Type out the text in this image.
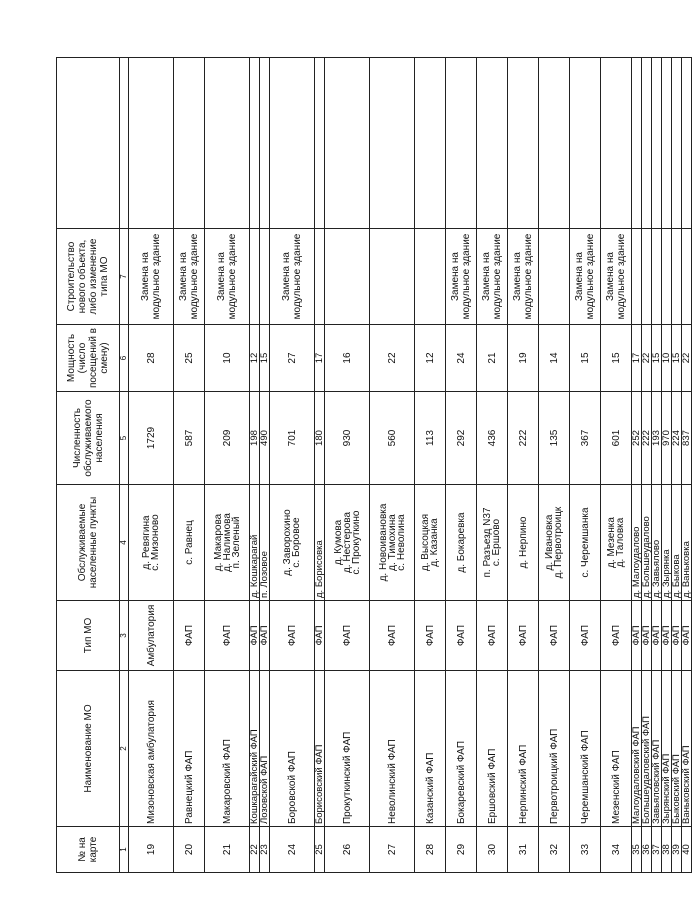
№ на карте	Наименование МО	Тип МО	Обслуживаемые населенные пункты	Численность обслуживаемого населения	Мощность (число посещений в смену)	Строительство нового объекта, либо изменение типа МО	
1	2	3	4	5	6	7	
19	Мизоновская амбулатория	Амбулатория	д. Ревягина
с. Мизоново	1729	28	Замена на модульное здание	
20	Равнецкий ФАП	ФАП	с. Равнец	587	25	Замена на модульное здание	
21	Макаровский ФАП	ФАП	д. Макарова
д. Налимова
п. Зеленый	209	10	Замена на модульное здание	
22	Кошкарагайский ФАП	ФАП	д. Кошкарагай	198	12		
23	Лозовской ФАП	ФАП	п. Лозовое	490	15		
24	Боровской ФАП	ФАП	д. Заворохино
с. Боровое	701	27	Замена на модульное здание	
25	Борисовский ФАП	ФАП	д. Борисовка	180	17		
26	Прокуткинский ФАП	ФАП	д. Кумова
д. Нестерова
с. Прокуткино	930	16		
27	Неволинский ФАП	ФАП	д. Новоивановка
д. Тимохина
с. Неволина	560	22		
28	Казанский ФАП	ФАП	д. Высоцкая
д. Казанка	113	12		
29	Бокаревский ФАП	ФАП	д. Бокаревка	292	24	Замена на модульное здание	
30	Ершовский ФАП	ФАП	п. Разъезд N37
с. Ершово	436	21	Замена на модульное здание	
31	Нерпинский ФАП	ФАП	д. Нерпино	222	19	Замена на модульное здание	
32	Первотроицкий ФАП	ФАП	д. Ивановка
д. Первотроицк	135	14		
33	Черемшанский ФАП	ФАП	с. Черемшанка	367	15	Замена на модульное здание	
34	Мезенский ФАП	ФАП	д. Мезенка
д. Таловка	601	15	Замена на модульное здание	
35	Малоудаловский ФАП	ФАП	д. Малоудалово	252	17		
36	Большеудаловский ФАП	ФАП	д. Большеудалово	222	22		
37	Завьяловский ФАП	ФАП	д. Завьялово	193	15		
38	Зырянский ФАП	ФАП	д. Зырянка	970	10		
39	Быковский ФАП	ФАП	д. Быкова	224	15		
40	Ваньковский ФАП	ФАП	д. Ваньковка	837	22		
